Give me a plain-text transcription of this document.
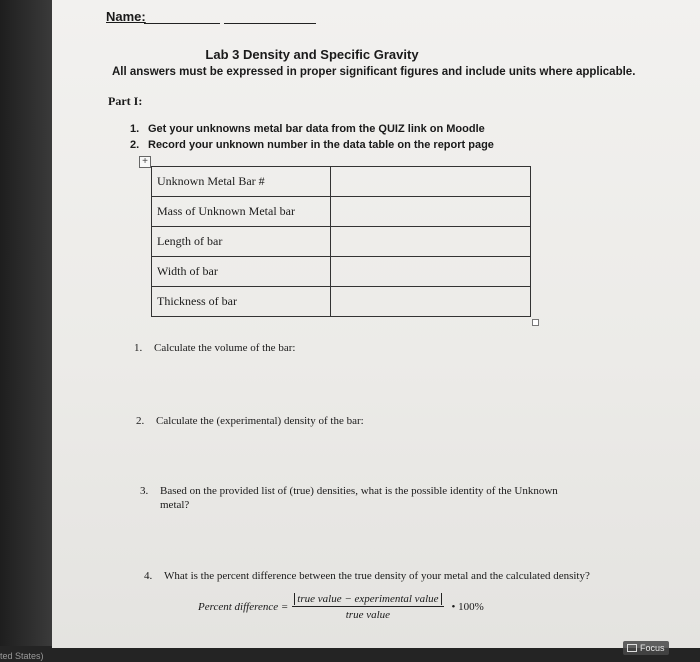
Name:
Lab 3 Density and Specific Gravity
All answers must be expressed in proper significant figures and include units where applicable.
Part I:
1. Get your unknowns metal bar data from the QUIZ link on Moodle
2. Record your unknown number in the data table on the report page
+
Unknown Metal Bar #	
Mass of Unknown Metal bar	
Length of bar	
Width of bar	
Thickness of bar	
1. Calculate the volume of the bar:
2. Calculate the (experimental) density of the bar:
3. Based on the provided list of (true) densities, what is the possible identity of the Unknown metal?
4. What is the percent difference between the true density of your metal and the calculated density?
Percent difference = $\frac{\text{true value − experimental value}}{\text{true value}}$ • 100%
Focus
ted States)
